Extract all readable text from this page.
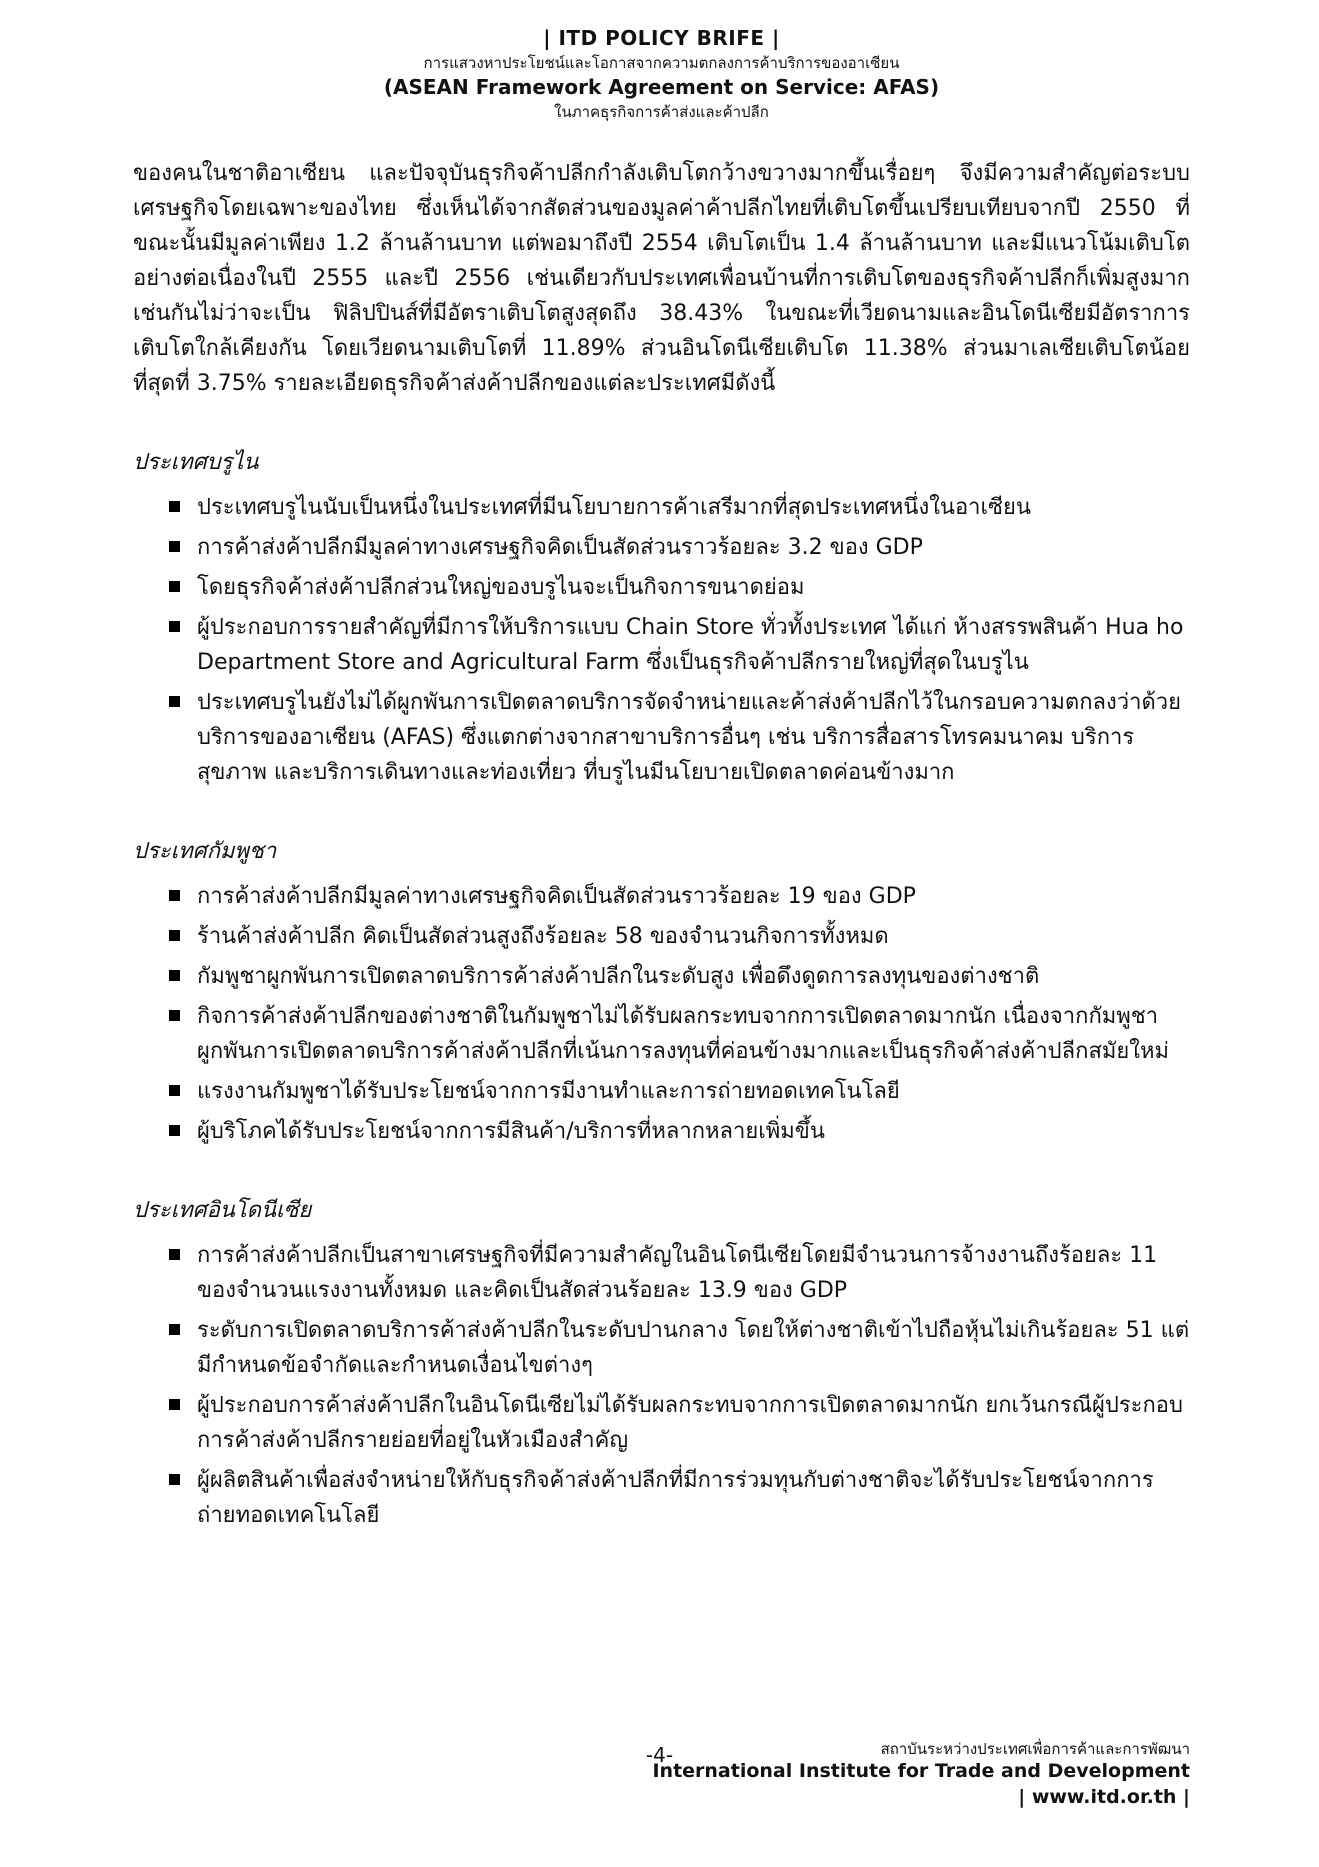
| ITD POLICY BRIFE |
การแสวงหาประโยชน์และโอกาสจากความตกลงการค้าบริการของอาเซียน
(ASEAN Framework Agreement on Service: AFAS)
ในภาคธุรกิจการค้าส่งและค้าปลีก

ของคนในชาติอาเซียน และปัจจุบันธุรกิจค้าปลีกกำลังเติบโตกว้างขวางมากขึ้นเรื่อยๆ จึงมีความสำคัญต่อระบบเศรษฐกิจโดยเฉพาะของไทย ซึ่งเห็นได้จากสัดส่วนของมูลค่าค้าปลีกไทยที่เติบโตขึ้นเปรียบเทียบจากปี 2550 ที่ขณะนั้นมีมูลค่าเพียง 1.2 ล้านล้านบาท แต่พอมาถึงปี 2554 เติบโตเป็น 1.4 ล้านล้านบาท และมีแนวโน้มเติบโตอย่างต่อเนื่องในปี 2555 และปี 2556 เช่นเดียวกับประเทศเพื่อนบ้านที่การเติบโตของธุรกิจค้าปลีกก็เพิ่มสูงมากเช่นกันไม่ว่าจะเป็น ฟิลิปปินส์ที่มีอัตราเติบโตสูงสุดถึง 38.43% ในขณะที่เวียดนามและอินโดนีเซียมีอัตราการเติบโตใกล้เคียงกัน โดยเวียดนามเติบโตที่ 11.89% ส่วนอินโดนีเซียเติบโต 11.38% ส่วนมาเลเซียเติบโตน้อยที่สุดที่ 3.75% รายละเอียดธุรกิจค้าส่งค้าปลีกของแต่ละประเทศมีดังนี้

ประเทศบรูไน
ประเทศบรูไนนับเป็นหนึ่งในประเทศที่มีนโยบายการค้าเสรีมากที่สุดประเทศหนึ่งในอาเซียน
การค้าส่งค้าปลีกมีมูลค่าทางเศรษฐกิจคิดเป็นสัดส่วนราวร้อยละ 3.2 ของ GDP
โดยธุรกิจค้าส่งค้าปลีกส่วนใหญ่ของบรูไนจะเป็นกิจการขนาดย่อม
ผู้ประกอบการรายสำคัญที่มีการให้บริการแบบ Chain Store ทั่วทั้งประเทศ ได้แก่ ห้างสรรพสินค้า Hua ho Department Store and Agricultural Farm ซึ่งเป็นธุรกิจค้าปลีกรายใหญ่ที่สุดในบรูไน
ประเทศบรูไนยังไม่ได้ผูกพันการเปิดตลาดบริการจัดจำหน่ายและค้าส่งค้าปลีกไว้ในกรอบความตกลงว่าด้วยบริการของอาเซียน (AFAS) ซึ่งแตกต่างจากสาขาบริการอื่นๆ เช่น บริการสื่อสารโทรคมนาคม บริการสุขภาพ และบริการเดินทางและท่องเที่ยว ที่บรูไนมีนโยบายเปิดตลาดค่อนข้างมาก
ประเทศกัมพูชา
การค้าส่งค้าปลีกมีมูลค่าทางเศรษฐกิจคิดเป็นสัดส่วนราวร้อยละ 19 ของ GDP
ร้านค้าส่งค้าปลีก คิดเป็นสัดส่วนสูงถึงร้อยละ 58 ของจำนวนกิจการทั้งหมด
กัมพูชาผูกพันการเปิดตลาดบริการค้าส่งค้าปลีกในระดับสูง เพื่อดึงดูดการลงทุนของต่างชาติ
กิจการค้าส่งค้าปลีกของต่างชาติในกัมพูชาไม่ได้รับผลกระทบจากการเปิดตลาดมากนัก เนื่องจากกัมพูชาผูกพันการเปิดตลาดบริการค้าส่งค้าปลีกที่เน้นการลงทุนที่ค่อนข้างมากและเป็นธุรกิจค้าส่งค้าปลีกสมัยใหม่
แรงงานกัมพูชาได้รับประโยชน์จากการมีงานทำและการถ่ายทอดเทคโนโลยี
ผู้บริโภคได้รับประโยชน์จากการมีสินค้า/บริการที่หลากหลายเพิ่มขึ้น
ประเทศอินโดนีเซีย
การค้าส่งค้าปลีกเป็นสาขาเศรษฐกิจที่มีความสำคัญในอินโดนีเซียโดยมีจำนวนการจ้างงานถึงร้อยละ 11 ของจำนวนแรงงานทั้งหมด และคิดเป็นสัดส่วนร้อยละ 13.9 ของ GDP
ระดับการเปิดตลาดบริการค้าส่งค้าปลีกในระดับปานกลาง โดยให้ต่างชาติเข้าไปถือหุ้นไม่เกินร้อยละ 51 แต่มีกำหนดข้อจำกัดและกำหนดเงื่อนไขต่างๆ
ผู้ประกอบการค้าส่งค้าปลีกในอินโดนีเซียไม่ได้รับผลกระทบจากการเปิดตลาดมากนัก ยกเว้นกรณีผู้ประกอบการค้าส่งค้าปลีกรายย่อยที่อยู่ในหัวเมืองสำคัญ
ผู้ผลิตสินค้าเพื่อส่งจำหน่ายให้กับธุรกิจค้าส่งค้าปลีกที่มีการร่วมทุนกับต่างชาติจะได้รับประโยชน์จากการถ่ายทอดเทคโนโลยี
-4-	สถาบันระหว่างประเทศเพื่อการค้าและการพัฒนา
International Institute for Trade and Development
| www.itd.or.th |
